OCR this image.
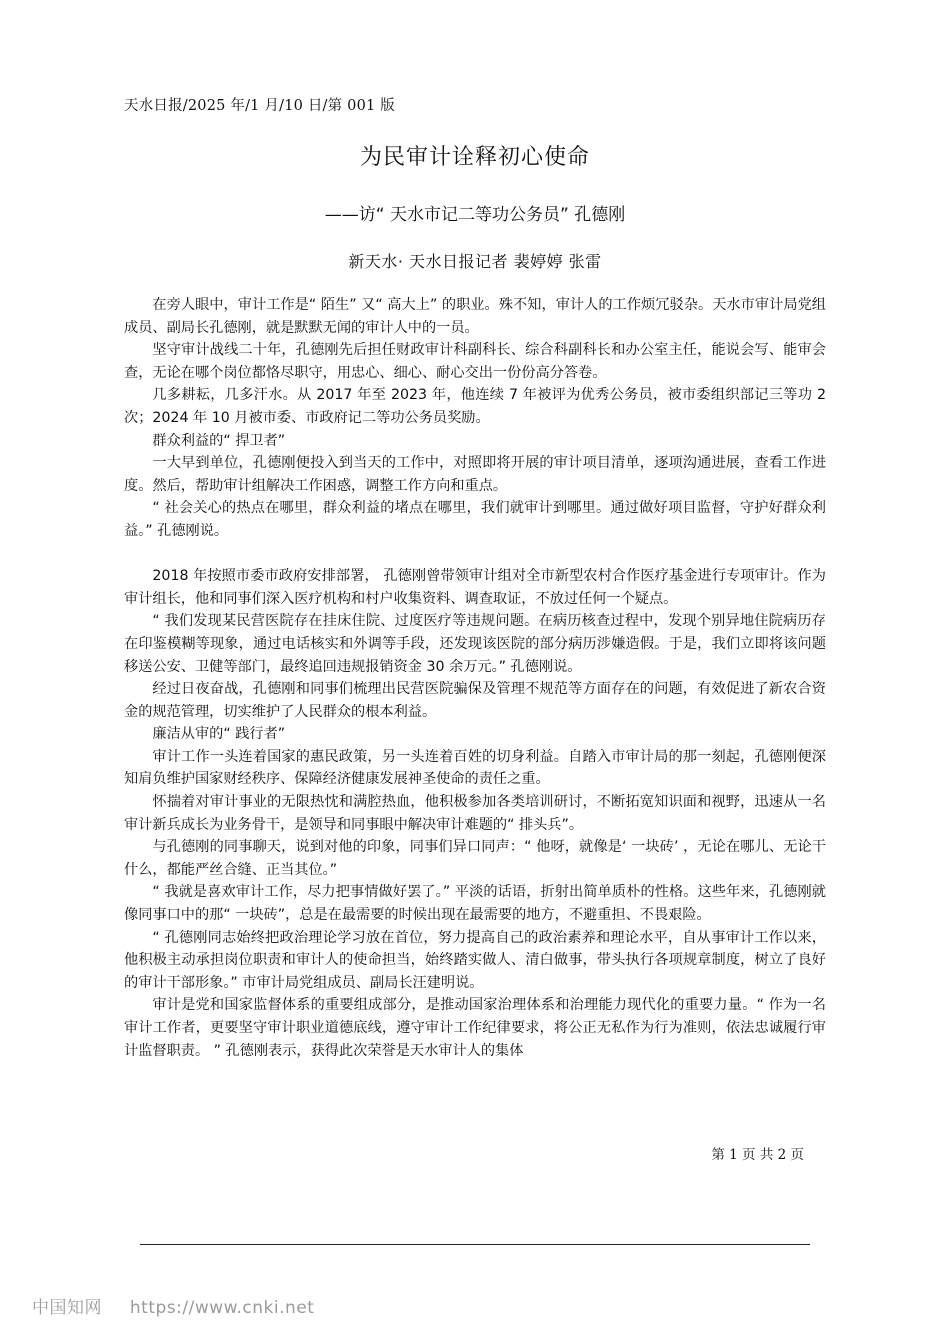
天水日报/2025 年/1 月/10 日/第 001 版
为民审计诠释初心使命
——访“ 天水市记二等功公务员” 孔德刚
新天水· 天水日报记者 裴婷婷 张雷

在旁人眼中，审计工作是“ 陌生” 又“ 高大上” 的职业。殊不知，审计人的工作烦冗驳杂。天水市审计局党组成员、副局长孔德刚，就是默默无闻的审计人中的一员。

坚守审计战线二十年，孔德刚先后担任财政审计科副科长、综合科副科长和办公室主任，能说会写、能审会查，无论在哪个岗位都恪尽职守，用忠心、细心、耐心交出一份份高分答卷。

几多耕耘，几多汗水。从 2017 年至 2023 年，他连续 7 年被评为优秀公务员，被市委组织部记三等功 2 次；2024 年 10 月被市委、市政府记二等功公务员奖励。

群众利益的“ 捍卫者”

一大早到单位，孔德刚便投入到当天的工作中，对照即将开展的审计项目清单，逐项沟通进展，查看工作进度。然后，帮助审计组解决工作困惑，调整工作方向和重点。

“ 社会关心的热点在哪里，群众利益的堵点在哪里，我们就审计到哪里。通过做好项目监督，守护好群众利益。” 孔德刚说。

2018 年按照市委市政府安排部署， 孔德刚曾带领审计组对全市新型农村合作医疗基金进行专项审计。作为审计组长，他和同事们深入医疗机构和村户收集资料、调查取证，不放过任何一个疑点。

“ 我们发现某民营医院存在挂床住院、过度医疗等违规问题。在病历核查过程中，发现个别异地住院病历存在印鉴模糊等现象，通过电话核实和外调等手段，还发现该医院的部分病历涉嫌造假。于是，我们立即将该问题移送公安、卫健等部门，最终追回违规报销资金 30 余万元。” 孔德刚说。

经过日夜奋战，孔德刚和同事们梳理出民营医院骗保及管理不规范等方面存在的问题，有效促进了新农合资金的规范管理，切实维护了人民群众的根本利益。

廉洁从审的“ 践行者”

审计工作一头连着国家的惠民政策，另一头连着百姓的切身利益。自踏入市审计局的那一刻起，孔德刚便深知肩负维护国家财经秩序、保障经济健康发展神圣使命的责任之重。

怀揣着对审计事业的无限热忱和满腔热血，他积极参加各类培训研讨，不断拓宽知识面和视野，迅速从一名审计新兵成长为业务骨干，是领导和同事眼中解决审计难题的“ 排头兵”。

与孔德刚的同事聊天，说到对他的印象，同事们异口同声：“ 他呀，就像是‘ 一块砖’ ，无论在哪儿、无论干什么，都能严丝合缝、正当其位。”

“ 我就是喜欢审计工作，尽力把事情做好罢了。” 平淡的话语，折射出简单质朴的性格。这些年来，孔德刚就像同事口中的那“ 一块砖”，总是在最需要的时候出现在最需要的地方，不避重担、不畏艰险。

“ 孔德刚同志始终把政治理论学习放在首位，努力提高自己的政治素养和理论水平，自从事审计工作以来，他积极主动承担岗位职责和审计人的使命担当，始终踏实做人、清白做事，带头执行各项规章制度，树立了良好的审计干部形象。” 市审计局党组成员、副局长汪建明说。

审计是党和国家监督体系的重要组成部分，是推动国家治理体系和治理能力现代化的重要力量。“ 作为一名审计工作者，更要坚守审计职业道德底线，遵守审计工作纪律要求，将公正无私作为行为准则，依法忠诚履行审计监督职责。 ” 孔德刚表示，获得此次荣誉是天水审计人的集体

第 1 页 共 2 页
中国知网 https://www.cnki.net
